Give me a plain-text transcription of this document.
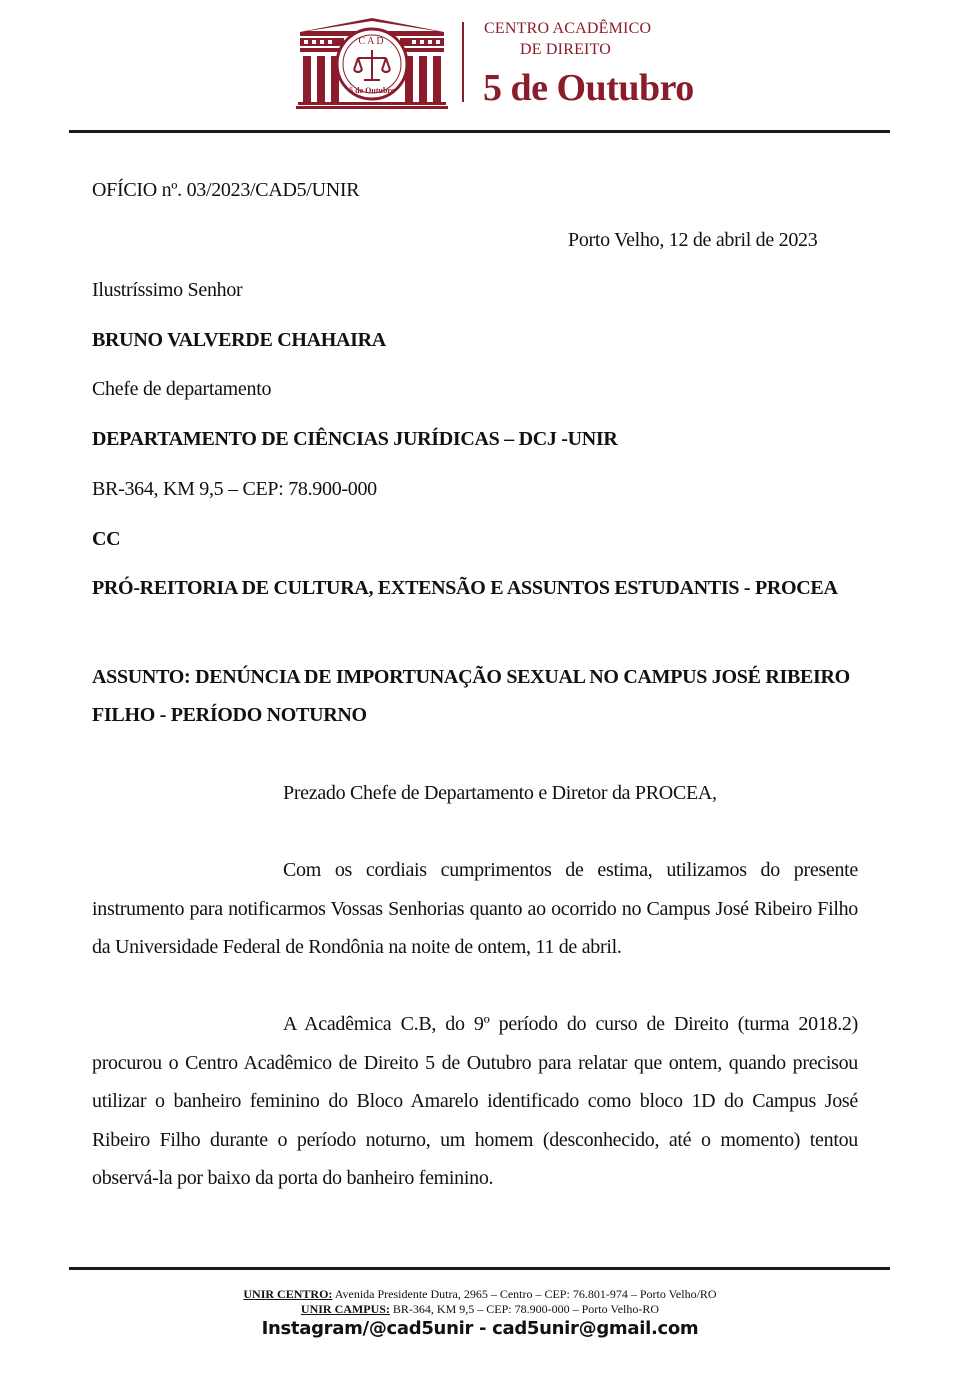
CAD
5 de Outubro
CENTRO ACADÊMICO
DE DIREITO
5 de Outubro
OFÍCIO nº. 03/2023/CAD5/UNIR
Porto Velho, 12 de abril de 2023
Ilustríssimo Senhor
BRUNO VALVERDE CHAHAIRA
Chefe de departamento
DEPARTAMENTO DE CIÊNCIAS JURÍDICAS – DCJ -UNIR
BR-364, KM 9,5 – CEP: 78.900-000
CC
PRÓ-REITORIA DE CULTURA, EXTENSÃO E ASSUNTOS ESTUDANTIS - PROCEA
ASSUNTO: DENÚNCIA DE IMPORTUNAÇÃO SEXUAL NO CAMPUS JOSÉ RIBEIRO
FILHO - PERÍODO NOTURNO
Prezado Chefe de Departamento e Diretor da PROCEA,
Com os cordiais cumprimentos de estima, utilizamos do presente instrumento para notificarmos Vossas Senhorias quanto ao ocorrido no Campus José Ribeiro Filho da Universidade Federal de Rondônia na noite de ontem, 11 de abril.
A Acadêmica C.B, do 9º período do curso de Direito (turma 2018.2) procurou o Centro Acadêmico de Direito 5 de Outubro para relatar que ontem, quando precisou utilizar o banheiro feminino do Bloco Amarelo identificado como bloco 1D do Campus José Ribeiro Filho durante o período noturno, um homem (desconhecido, até o momento) tentou observá-la por baixo da porta do banheiro feminino.
UNIR CENTRO: Avenida Presidente Dutra, 2965 – Centro – CEP: 76.801-974 – Porto Velho/RO
UNIR CAMPUS: BR-364, KM 9,5 – CEP: 78.900-000 – Porto Velho-RO
Instagram/@cad5unir - cad5unir@gmail.com
